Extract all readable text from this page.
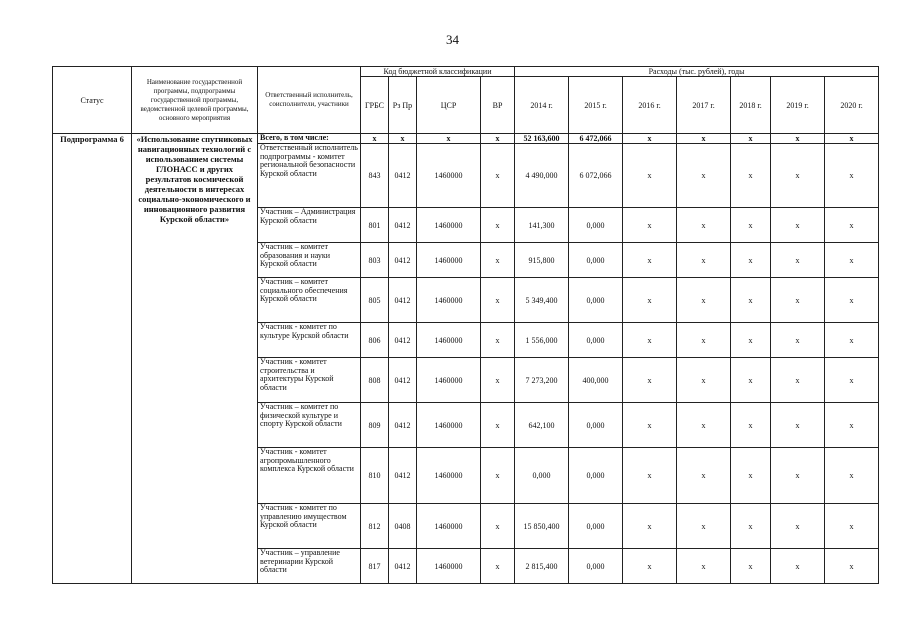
34
Статус	Наименование государственной программы, подпрограммы государственной программы, ведомственной целевой программы, основного мероприятия	Ответственный исполнитель, соисполнители, участники	Код бюджетной классификации				Расходы (тыс. рублей), годы						
			ГРБС	Рз Пр	ЦСР	ВР	2014 г.	2015 г.	2016 г.	2017 г.	2018 г.	2019 г.	2020 г.
Подпрограмма 6	«Использование спутниковых навигационных технологий с использованием системы ГЛОНАСС и других результатов космической деятельности в интересах социально-экономического и инновационного развития Курской области»	Всего, в том числе:	x	x	x	x	52 163,600	6 472,066	x	x	x	x	x
		Ответственный исполнитель подпрограммы - комитет региональной безопасности Курской области	843	0412	1460000	x	4 490,000	6 072,066	x	x	x	x	x
		Участник – Администрация Курской области	801	0412	1460000	x	141,300	0,000	x	x	x	x	x
		Участник – комитет образования и науки Курской области	803	0412	1460000	x	915,800	0,000	x	x	x	x	x
		Участник – комитет социального обеспечения Курской области	805	0412	1460000	x	5 349,400	0,000	x	x	x	x	x
		Участник - комитет по культуре Курской области	806	0412	1460000	x	1 556,000	0,000	x	x	x	x	x
		Участник - комитет строительства и архитектуры Курской области	808	0412	1460000	x	7 273,200	400,000	x	x	x	x	x
		Участник – комитет по физической культуре и спорту Курской области	809	0412	1460000	x	642,100	0,000	x	x	x	x	x
		Участник - комитет агропромышленного комплекса Курской области	810	0412	1460000	x	0,000	0,000	x	x	x	x	x
		Участник - комитет по управлению имуществом Курской области	812	0408	1460000	x	15 850,400	0,000	x	x	x	x	x
		Участник – управление ветеринарии Курской области	817	0412	1460000	x	2 815,400	0,000	x	x	x	x	x
